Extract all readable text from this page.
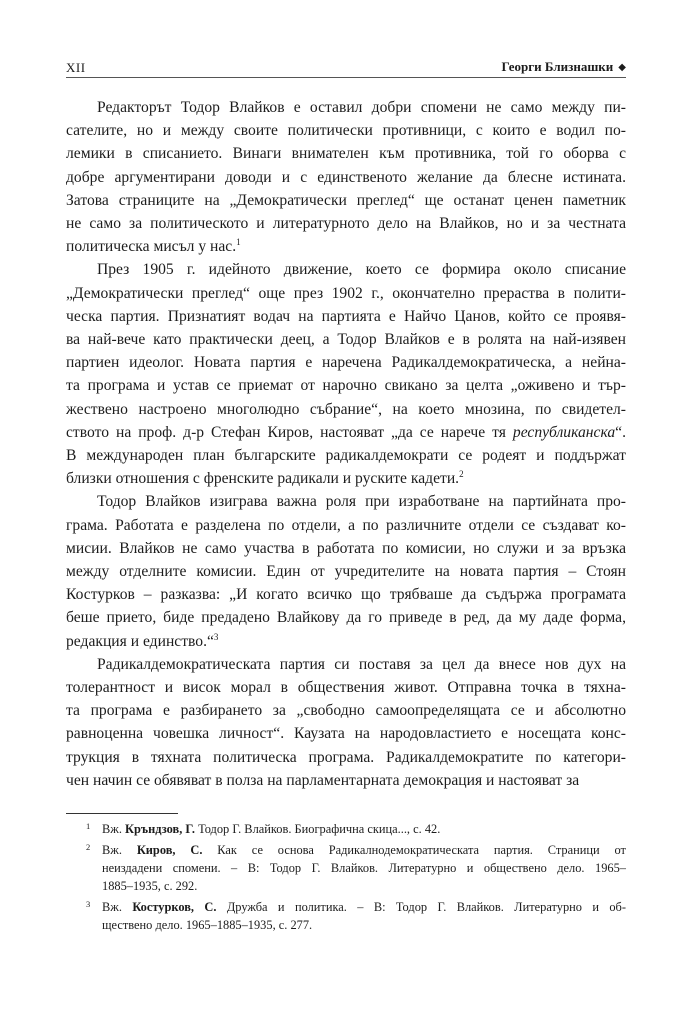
XII	Георги Близнашки ◆

Редакторът Тодор Влайков е оставил добри спомени не само между пи-
сателите, но и между своите политически противници, с които е водил по-
лемики в списанието. Винаги внимателен към противника, той го оборва с
добре аргументирани доводи и с единственото желание да блесне истината.
Затова страниците на „Демократически преглед“ ще останат ценен паметник
не само за политическото и литературното дело на Влайков, но и за честната
политическа мисъл у нас.$^1$

През 1905 г. идейното движение, което се формира около списание
„Демократически преглед“ още през 1902 г., окончателно прераства в полити-
ческа партия. Признатият водач на партията е Найчо Цанов, който се проявя-
ва най-вече като практически деец, а Тодор Влайков е в ролята на най-изявен
партиен идеолог. Новата партия е наречена Радикалдемократическа, а нейна-
та програма и устав се приемат от нарочно свикано за целта „оживено и тър-
жествено настроено многолюдно събрание“, на което мнозина, по свидетел-
ството на проф. д-р Стефан Киров, настояват „да се нарече тя республиканска“.
В международен план българските радикалдемократи се родеят и поддържат
близки отношения с френските радикали и руските кадети.$^2$

Тодор Влайков изиграва важна роля при изработване на партийната про-
грама. Работата е разделена по отдели, а по различните отдели се създават ко-
мисии. Влайков не само участва в работата по комисии, но служи и за връзка
между отделните комисии. Един от учредителите на новата партия – Стоян
Костурков – разказва: „И когато всичко що трябваше да съдържа програмата
беше прието, биде предадено Влайкову да го приведе в ред, да му даде форма,
редакция и единство.“$^3$

Радикалдемократическата партия си поставя за цел да внесе нов дух на
толерантност и висок морал в обществения живот. Отправна точка в тяхна-
та програма е разбирането за „свободно самоопределящата се и абсолютно
равноценна човешка личност“. Каузата на народовластието е носещата конс-
трукция в тяхната политическа програма. Радикалдемократите по категори-
чен начин се обявяват в полза на парламентарната демокрация и настояват за

1 Вж. Кръндзов, Г. Тодор Г. Влайков. Биографична скица..., с. 42.
2 Вж. Киров, С. Как се основа Радикалнодемократическата партия. Страници от
неиздадени спомени. – В: Тодор Г. Влайков. Литературно и обществено дело. 1965–
1885–1935, с. 292.
3 Вж. Костурков, С. Дружба и политика. – В: Тодор Г. Влайков. Литературно и об-
ществено дело. 1965–1885–1935, с. 277.
